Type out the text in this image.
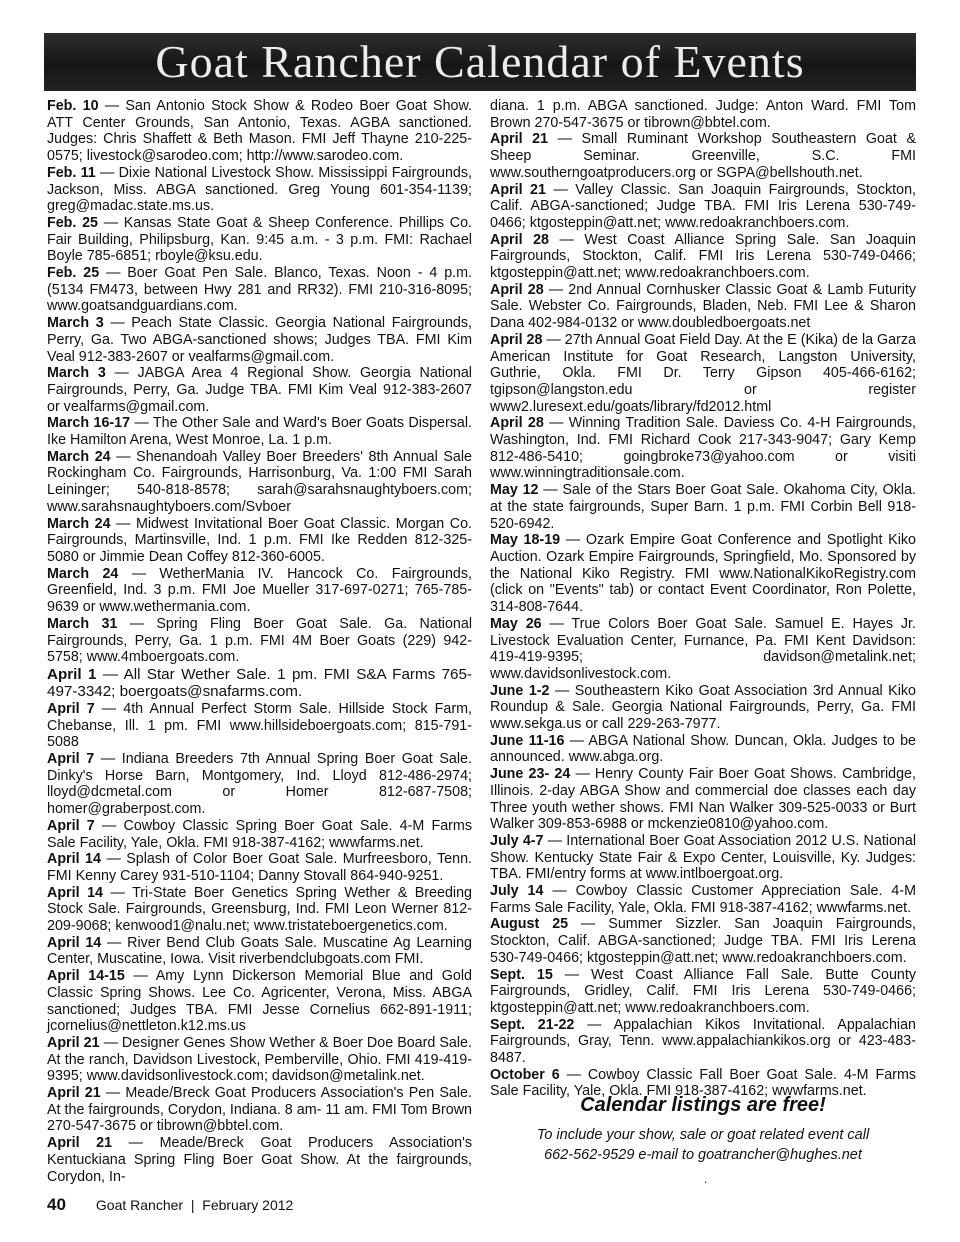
Goat Rancher Calendar of Events

Feb. 10 — San Antonio Stock Show & Rodeo Boer Goat Show. ATT Center Grounds, San Antonio, Texas. AGBA sanctioned. Judges: Chris Shaffett & Beth Mason. FMI Jeff Thayne 210-225-0575; livestock@sarodeo.com; http://www.sarodeo.com.

Feb. 11 — Dixie National Livestock Show. Mississippi Fairgrounds, Jackson, Miss. ABGA sanctioned. Greg Young 601-354-1139; greg@madac.state.ms.us.

Feb. 25 — Kansas State Goat & Sheep Conference. Phillips Co. Fair Building, Philipsburg, Kan. 9:45 a.m. - 3 p.m. FMI: Rachael Boyle 785-6851; rboyle@ksu.edu.

Feb. 25 — Boer Goat Pen Sale. Blanco, Texas. Noon - 4 p.m. (5134 FM473, between Hwy 281 and RR32). FMI 210-316-8095; www.goatsandguardians.com.

March 3 — Peach State Classic. Georgia National Fairgrounds, Perry, Ga. Two ABGA-sanctioned shows; Judges TBA. FMI Kim Veal 912-383-2607 or vealfarms@gmail.com.

March 3 — JABGA Area 4 Regional Show. Georgia National Fairgrounds, Perry, Ga. Judge TBA. FMI Kim Veal 912-383-2607 or vealfarms@gmail.com.

March 16-17 — The Other Sale and Ward's Boer Goats Dispersal. Ike Hamilton Arena, West Monroe, La. 1 p.m.

March 24 — Shenandoah Valley Boer Breeders' 8th Annual Sale Rockingham Co. Fairgrounds, Harrisonburg, Va. 1:00 FMI Sarah Leininger; 540-818-8578; sarah@sarahsnaughtyboers.com; www.sarahsnaughtyboers.com/Svboer

March 24 — Midwest Invitational Boer Goat Classic. Morgan Co. Fairgrounds, Martinsville, Ind. 1 p.m. FMI Ike Redden 812-325-5080 or Jimmie Dean Coffey 812-360-6005.

March 24 — WetherMania IV. Hancock Co. Fairgrounds, Greenfield, Ind. 3 p.m. FMI Joe Mueller 317-697-0271; 765-785-9639 or www.wethermania.com.

March 31 — Spring Fling Boer Goat Sale. Ga. National Fairgrounds, Perry, Ga. 1 p.m. FMI 4M Boer Goats (229) 942-5758; www.4mboergoats.com.

April 1 — All Star Wether Sale. 1 pm. FMI S&A Farms 765-497-3342; boergoats@snafarms.com.

April 7 — 4th Annual Perfect Storm Sale. Hillside Stock Farm, Chebanse, Ill. 1 pm. FMI www.hillsideboergoats.com; 815-791-5088

April 7 — Indiana Breeders 7th Annual Spring Boer Goat Sale. Dinky's Horse Barn, Montgomery, Ind. Lloyd 812-486-2974; lloyd@dcmetal.com or Homer 812-687-7508; homer@graberpost.com.

April 7 — Cowboy Classic Spring Boer Goat Sale. 4-M Farms Sale Facility, Yale, Okla. FMI 918-387-4162; wwwfarms.net.

April 14 — Splash of Color Boer Goat Sale. Murfreesboro, Tenn. FMI Kenny Carey 931-510-1104; Danny Stovall 864-940-9251.

April 14 — Tri-State Boer Genetics Spring Wether & Breeding Stock Sale. Fairgrounds, Greensburg, Ind. FMI Leon Werner 812-209-9068; kenwood1@nalu.net; www.tristateboergenetics.com.

April 14 — River Bend Club Goats Sale. Muscatine Ag Learning Center, Muscatine, Iowa. Visit riverbendclubgoats.com FMI.

April 14-15 — Amy Lynn Dickerson Memorial Blue and Gold Classic Spring Shows. Lee Co. Agricenter, Verona, Miss. ABGA sanctioned; Judges TBA. FMI Jesse Cornelius 662-891-1911; jcornelius@nettleton.k12.ms.us

April 21 — Designer Genes Show Wether & Boer Doe Board Sale. At the ranch, Davidson Livestock, Pemberville, Ohio. FMI 419-419-9395; www.davidsonlivestock.com; davidson@metalink.net.

April 21 — Meade/Breck Goat Producers Association's Pen Sale. At the fairgrounds, Corydon, Indiana. 8 am- 11 am. FMI Tom Brown 270-547-3675 or tibrown@bbtel.com.

April 21 — Meade/Breck Goat Producers Association's Kentuckiana Spring Fling Boer Goat Show. At the fairgrounds, Corydon, In-

diana. 1 p.m. ABGA sanctioned. Judge: Anton Ward. FMI Tom Brown 270-547-3675 or tibrown@bbtel.com.

April 21 — Small Ruminant Workshop Southeastern Goat & Sheep Seminar. Greenville, S.C. FMI www.southerngoatproducers.org or SGPA@bellshouth.net.

April 21 — Valley Classic. San Joaquin Fairgrounds, Stockton, Calif. ABGA-sanctioned; Judge TBA. FMI Iris Lerena 530-749-0466; ktgosteppin@att.net; www.redoakranchboers.com.

April 28 — West Coast Alliance Spring Sale. San Joaquin Fairgrounds, Stockton, Calif. FMI Iris Lerena 530-749-0466; ktgosteppin@att.net; www.redoakranchboers.com.

April 28 — 2nd Annual Cornhusker Classic Goat & Lamb Futurity Sale. Webster Co. Fairgrounds, Bladen, Neb. FMI Lee & Sharon Dana 402-984-0132 or www.doubledboergoats.net

April 28 — 27th Annual Goat Field Day. At the E (Kika) de la Garza American Institute for Goat Research, Langston University, Guthrie, Okla. FMI Dr. Terry Gipson 405-466-6162; tgipson@langston.edu or register www2.luresext.edu/goats/library/fd2012.html

April 28 — Winning Tradition Sale. Daviess Co. 4-H Fairgrounds, Washington, Ind. FMI Richard Cook 217-343-9047; Gary Kemp 812-486-5410; goingbroke73@yahoo.com or visiti www.winningtraditionsale.com.

May 12 — Sale of the Stars Boer Goat Sale. Okahoma City, Okla. at the state fairgrounds, Super Barn. 1 p.m. FMI Corbin Bell 918-520-6942.

May 18-19 — Ozark Empire Goat Conference and Spotlight Kiko Auction. Ozark Empire Fairgrounds, Springfield, Mo. Sponsored by the National Kiko Registry. FMI www.NationalKikoRegistry.com (click on "Events" tab) or contact Event Coordinator, Ron Polette, 314-808-7644.

May 26 — True Colors Boer Goat Sale. Samuel E. Hayes Jr. Livestock Evaluation Center, Furnance, Pa. FMI Kent Davidson: 419-419-9395; davidson@metalink.net; www.davidsonlivestock.com.

June 1-2 — Southeastern Kiko Goat Association 3rd Annual Kiko Roundup & Sale. Georgia National Fairgrounds, Perry, Ga. FMI www.sekga.us or call 229-263-7977.

June 11-16 — ABGA National Show. Duncan, Okla. Judges to be announced. www.abga.org.

June 23- 24 — Henry County Fair Boer Goat Shows. Cambridge, Illinois. 2-day ABGA Show and commercial doe classes each day Three youth wether shows. FMI Nan Walker 309-525-0033 or Burt Walker 309-853-6988 or mckenzie0810@yahoo.com.

July 4-7 — International Boer Goat Association 2012 U.S. National Show. Kentucky State Fair & Expo Center, Louisville, Ky. Judges: TBA. FMI/entry forms at www.intlboergoat.org.

July 14 — Cowboy Classic Customer Appreciation Sale. 4-M Farms Sale Facility, Yale, Okla. FMI 918-387-4162; wwwfarms.net.

August 25 — Summer Sizzler. San Joaquin Fairgrounds, Stockton, Calif. ABGA-sanctioned; Judge TBA. FMI Iris Lerena 530-749-0466; ktgosteppin@att.net; www.redoakranchboers.com.

Sept. 15 — West Coast Alliance Fall Sale. Butte County Fairgrounds, Gridley, Calif. FMI Iris Lerena 530-749-0466; ktgosteppin@att.net; www.redoakranchboers.com.

Sept. 21-22 — Appalachian Kikos Invitational. Appalachian Fairgrounds, Gray, Tenn. www.appalachiankikos.org or 423-483-8487.

October 6 — Cowboy Classic Fall Boer Goat Sale. 4-M Farms Sale Facility, Yale, Okla. FMI 918-387-4162; wwwfarms.net.

Calendar listings are free!
To include your show, sale or goat related event call
662-562-9529 e-mail to goatrancher@hughes.net
.
40 Goat Rancher  |  February 2012
